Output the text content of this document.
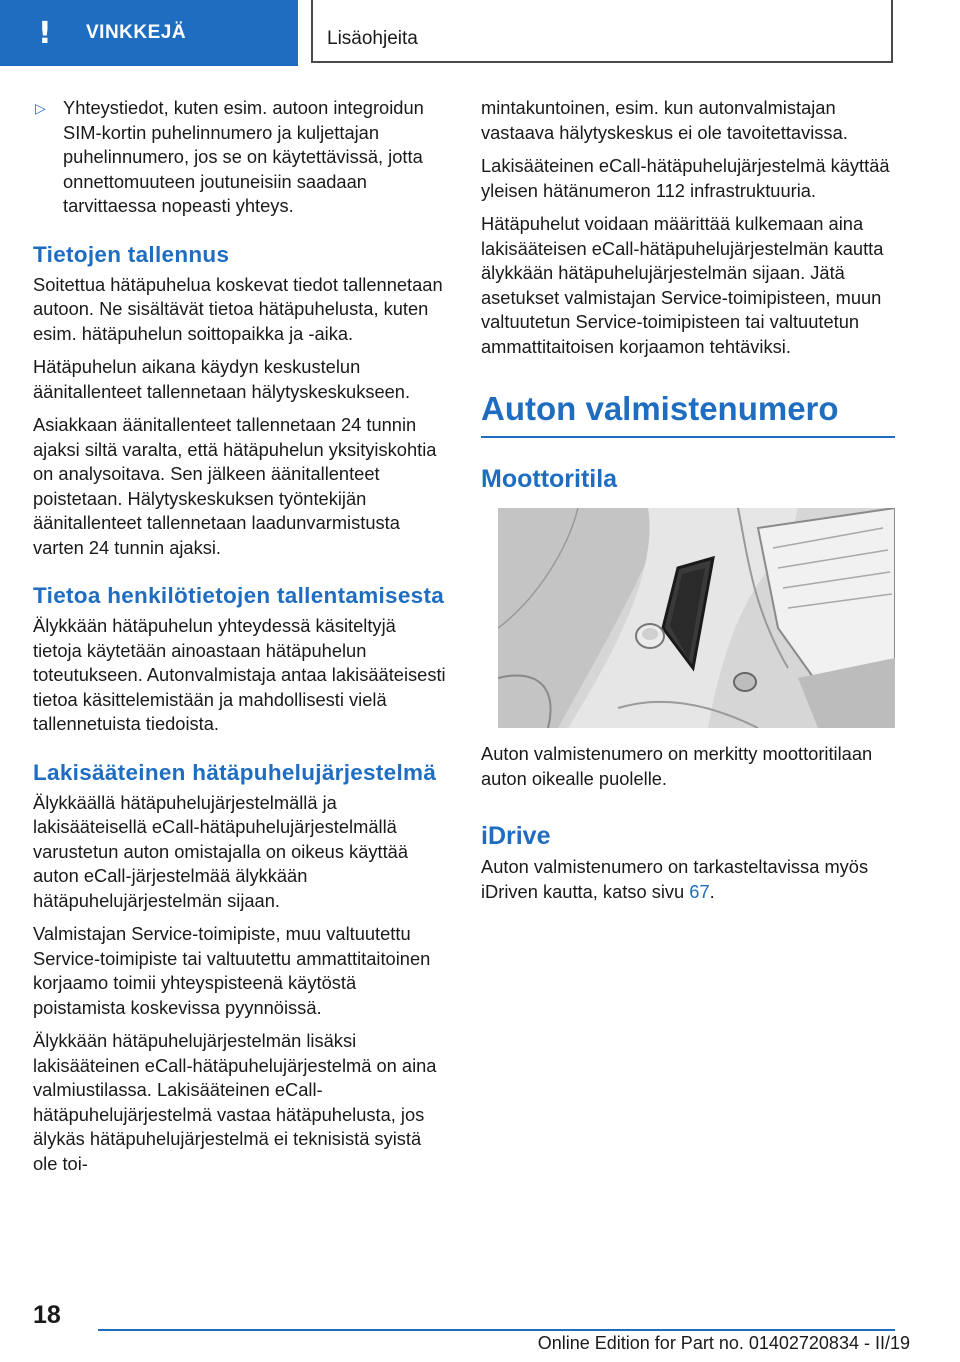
!	VINKKEJÄ	Lisäohjeita

▷ Yhteystiedot, kuten esim. autoon integroidun SIM-kortin puhelinnumero ja kuljettajan puhelinnumero, jos se on käytettävissä, jotta onnettomuuteen joutuneisiin saadaan tarvittaessa nopeasti yhteys.

Tietojen tallennus

Soitettua hätäpuhelua koskevat tiedot tallennetaan autoon. Ne sisältävät tietoa hätäpuhelusta, kuten esim. hätäpuhelun soittopaikka ja -aika.

Hätäpuhelun aikana käydyn keskustelun äänitallenteet tallennetaan hälytyskeskukseen.

Asiakkaan äänitallenteet tallennetaan 24 tunnin ajaksi siltä varalta, että hätäpuhelun yksityiskohtia on analysoitava. Sen jälkeen äänitallenteet poistetaan. Hälytyskeskuksen työntekijän äänitallenteet tallennetaan laadunvarmistusta varten 24 tunnin ajaksi.

Tietoa henkilötietojen tallentamisesta

Älykkään hätäpuhelun yhteydessä käsiteltyjä tietoja käytetään ainoastaan hätäpuhelun toteutukseen. Autonvalmistaja antaa lakisääteisesti tietoa käsittelemistään ja mahdollisesti vielä tallennetuista tiedoista.

Lakisääteinen hätäpuhelujärjestelmä

Älykkäällä hätäpuhelujärjestelmällä ja lakisääteisellä eCall-hätäpuhelujärjestelmällä varustetun auton omistajalla on oikeus käyttää auton eCall-järjestelmää älykkään hätäpuhelujärjestelmän sijaan.

Valmistajan Service-toimipiste, muu valtuutettu Service-toimipiste tai valtuutettu ammattitaitoinen korjaamo toimii yhteyspisteenä käytöstä poistamista koskevissa pyynnöissä.

Älykkään hätäpuhelujärjestelmän lisäksi lakisääteinen eCall-hätäpuhelujärjestelmä on aina valmiustilassa. Lakisääteinen eCall-hätäpuhelujärjestelmä vastaa hätäpuhelusta, jos älykäs hätäpuhelujärjestelmä ei teknisistä syistä ole toi-

mintakuntoinen, esim. kun autonvalmistajan vastaava hälytyskeskus ei ole tavoitettavissa.

Lakisääteinen eCall-hätäpuhelujärjestelmä käyttää yleisen hätänumeron 112 infrastruktuuria.

Hätäpuhelut voidaan määrittää kulkemaan aina lakisääteisen eCall-hätäpuhelujärjestelmän kautta älykkään hätäpuhelujärjestelmän sijaan. Jätä asetukset valmistajan Service-toimipisteen, muun valtuutetun Service-toimipisteen tai valtuutetun ammattitaitoisen korjaamon tehtäviksi.

Auton valmistenumero
Moottoritila

Auton valmistenumero on merkitty moottoritilaan auton oikealle puolelle.

iDrive

Auton valmistenumero on tarkasteltavissa myös iDriven kautta, katso sivu 67.

18
Online Edition for Part no. 01402720834 - II/19
